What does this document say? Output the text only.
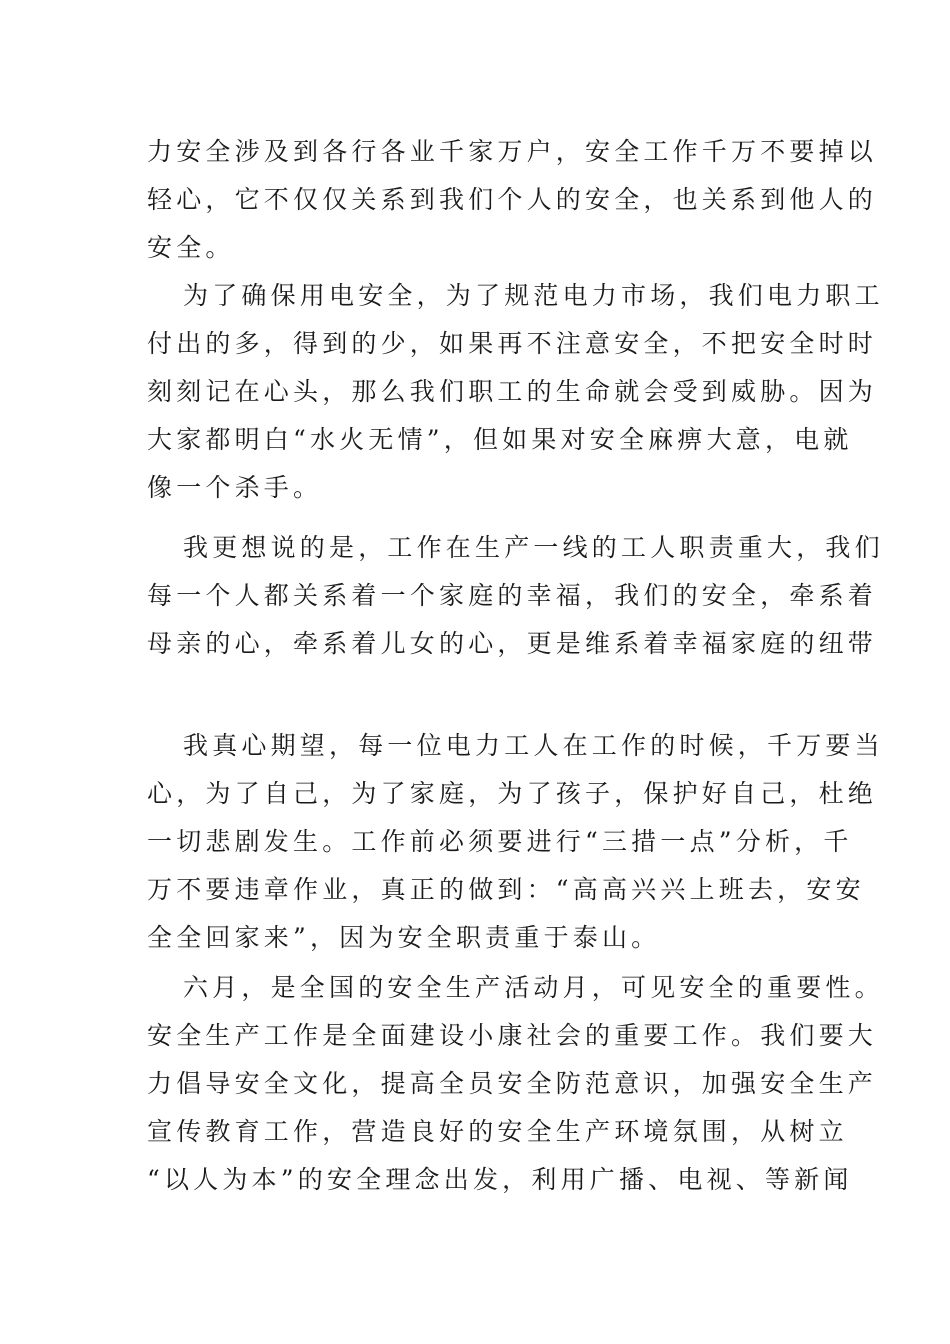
力安全涉及到各行各业千家万户，安全工作千万不要掉以
轻心，它不仅仅关系到我们个人的安全，也关系到他人的
安全。
为了确保用电安全，为了规范电力市场，我们电力职工
付出的多，得到的少，如果再不注意安全，不把安全时时
刻刻记在心头，那么我们职工的生命就会受到威胁。因为
大家都明白“水火无情”，但如果对安全麻痹大意，电就
像一个杀手。
我更想说的是，工作在生产一线的工人职责重大，我们
每一个人都关系着一个家庭的幸福，我们的安全，牵系着
母亲的心，牵系着儿女的心，更是维系着幸福家庭的纽带
我真心期望，每一位电力工人在工作的时候，千万要当
心，为了自己，为了家庭，为了孩子，保护好自己，杜绝
一切悲剧发生。工作前必须要进行“三措一点”分析，千
万不要违章作业，真正的做到：“高高兴兴上班去，安安
全全回家来”，因为安全职责重于泰山。
六月，是全国的安全生产活动月，可见安全的重要性。
安全生产工作是全面建设小康社会的重要工作。我们要大
力倡导安全文化，提高全员安全防范意识，加强安全生产
宣传教育工作，营造良好的安全生产环境氛围，从树立
“以人为本”的安全理念出发，利用广播、电视、等新闻
